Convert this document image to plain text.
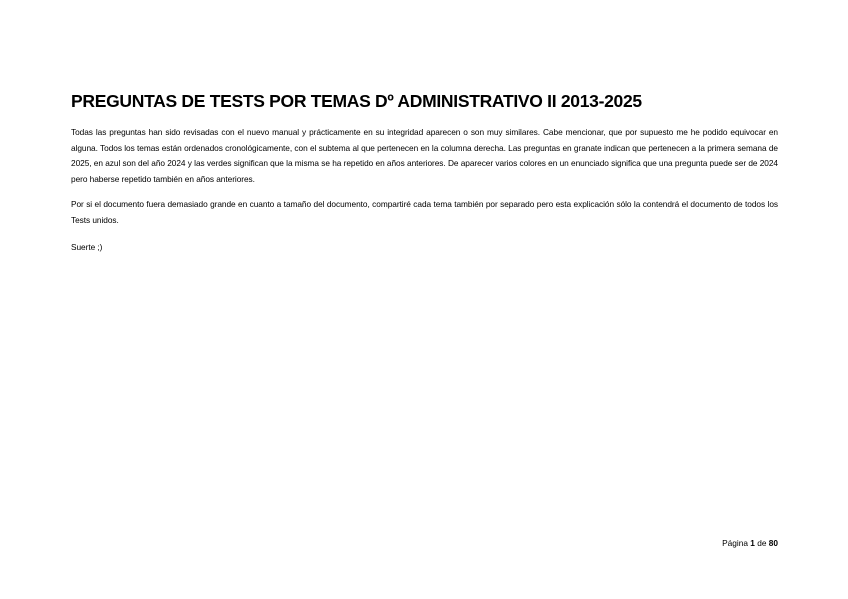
PREGUNTAS DE TESTS POR TEMAS Dº ADMINISTRATIVO II 2013-2025

Todas las preguntas han sido revisadas con el nuevo manual y prácticamente en su integridad aparecen o son muy similares. Cabe mencionar, que por supuesto me he podido equivocar en alguna. Todos los temas están ordenados cronológicamente, con el subtema al que pertenecen en la columna derecha. Las preguntas en granate indican que pertenecen a la primera semana de 2025, en azul son del año 2024 y las verdes significan que la misma se ha repetido en años anteriores. De aparecer varios colores en un enunciado significa que una pregunta puede ser de 2024 pero haberse repetido también en años anteriores.

Por si el documento fuera demasiado grande en cuanto a tamaño del documento, compartiré cada tema también por separado pero esta explicación sólo la contendrá el documento de todos los Tests unidos.

Suerte ;)

Página 1 de 80
